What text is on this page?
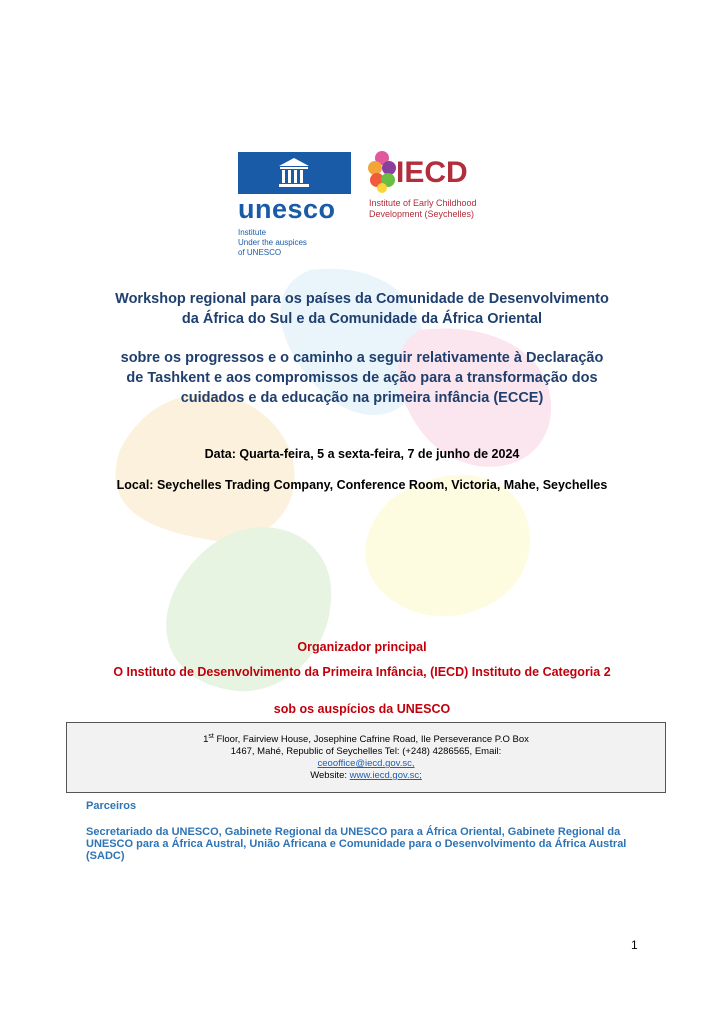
unesco
Institute
Under the auspices
of UNESCO
IECD
Institute of Early Childhood
Development (Seychelles)
Workshop regional para os países da Comunidade de Desenvolvimento
da África do Sul e da Comunidade da África Oriental
sobre os progressos e o caminho a seguir relativamente à Declaração
de Tashkent e aos compromissos de ação para a transformação dos
cuidados e da educação na primeira infância (ECCE)
Data: Quarta-feira, 5 a sexta-feira, 7 de junho de 2024
Local: Seychelles Trading Company, Conference Room, Victoria, Mahe, Seychelles
Organizador principal
O Instituto de Desenvolvimento da Primeira Infância, (IECD) Instituto de Categoria 2
sob os auspícios da UNESCO
1st Floor, Fairview House, Josephine Cafrine Road, Ile Perseverance P.O Box
1467, Mahé, Republic of Seychelles Tel: (+248) 4286565, Email:
ceooffice@iecd.gov.sc,
Website: www.iecd.gov.sc;
Parceiros
Secretariado da UNESCO, Gabinete Regional da UNESCO para a África Oriental, Gabinete Regional da UNESCO para a África Austral, União Africana e Comunidade para o Desenvolvimento da África Austral (SADC)
1
